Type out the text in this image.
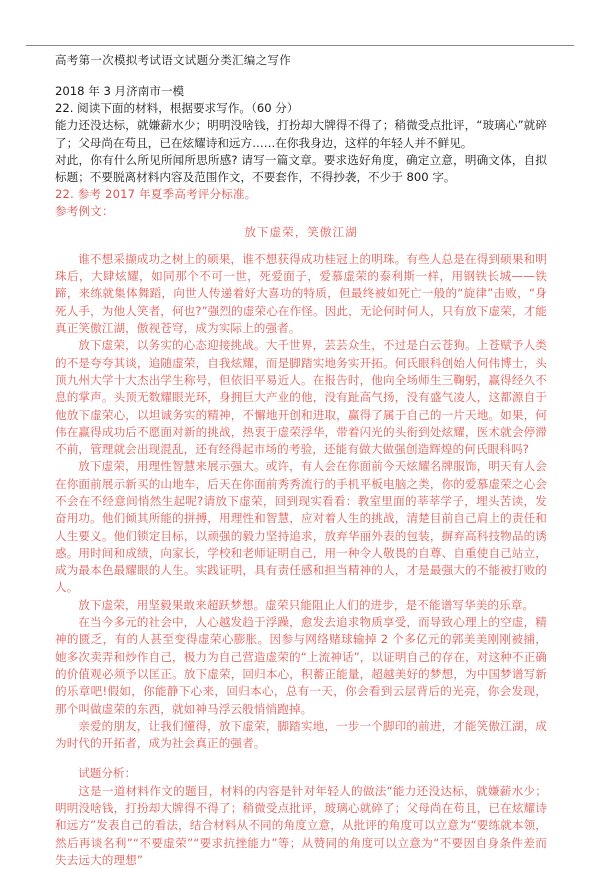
高考第一次模拟考试语文试题分类汇编之写作
2018 年 3 月济南市一模
22. 阅读下面的材料，根据要求写作。（60 分）
能力还没达标，就嫌薪水少；明明没啥钱，打扮却大牌得不得了；稍微受点批评，“玻璃心”就碎了；父母尚在苟且，已在炫耀诗和远方……在你我身边，这样的年轻人并不鲜见。
对此，你有什么所见所闻所思所感? 请写一篇文章。要求选好角度，确定立意，明确文体，自拟标题；不要脱离材料内容及范围作文，不要套作，不得抄袭，不少于 800 字。
22. 参考 2017 年夏季高考评分标准。
参考例文：
放下虚荣，笑傲江湖
谁不想采撷成功之树上的硕果，谁不想获得成功桂冠上的明珠。有些人总是在得到硕果和明珠后，大肆炫耀，如同那个不可一世，死爱面子，爱慕虚荣的泰利斯一样，用钢铁长城——铁蹄，来练就集体舞蹈，向世人传递着好大喜功的特质，但最终被如死亡一般的“旋律”击败，“身死人手，为他人笑者，何也?”强烈的虚荣心在作怪。因此，无论何时何人，只有放下虚荣，才能真正笑傲江湖，傲视苍穹，成为实际上的强者。
放下虚荣，以务实的心态迎接挑战。大千世界，芸芸众生，不过是白云苍狗。上苍赋予人类的不是夸夸其谈，追随虚荣，自我炫耀，而是脚踏实地务实开拓。何氏眼科创始人何伟博士，头顶九州大学十大杰出学生称号，但依旧平易近人。在报告时，他向全场师生三鞠躬，赢得经久不息的掌声。头顶无数耀眼光环，身拥巨大产业的他，没有趾高气扬，没有盛气凌人，这都源自于他放下虚荣心，以坦诚务实的精神，不懈地开创和进取，赢得了属于自己的一片天地。如果，何伟在赢得成功后不愿面对新的挑战，热衷于虚荣浮华，带着闪光的头衔到处炫耀，医术就会停滞不前，管理就会出现混乱，还有经得起市场的考验，还能有做大做强创造辉煌的何氏眼科吗?
放下虚荣，用理性智慧来展示强大。或许，有人会在你面前今天炫耀名牌服饰，明天有人会在你面前展示新买的山地车，后天在你面前秀秀流行的手机平板电脑之类，你的爱慕虚荣之心会不会在不经意间悄然生起呢?请放下虚荣，回到现实看看：教室里面的莘莘学子，埋头苦读，发奋用功。他们倾其所能的拼搏，用理性和智慧，应对着人生的挑战，清楚目前自己肩上的责任和人生要义。他们锁定目标，以顽强的毅力坚持追求，放弃华丽外表的包装，摒弃高科技物品的诱惑。用时间和成绩，向家长，学校和老师证明自己，用一种令人敬畏的自尊、自重使自己站立，成为最本色最耀眼的人生。实践证明，具有责任感和担当精神的人，才是最强大的不能被打败的人。
放下虚荣，用坚毅果敢来超跃梦想。虚荣只能阻止人们的进步，是不能谱写华美的乐章。
在当今多元的社会中，人心越发趋于浮躁，愈发去追求物质享受，而导致心理上的空虚，精神的匮乏，有的人甚至变得虚荣心膨胀。因参与网络赌球输掉 2 个多亿元的郭美美刚刚被捕，她多次卖弄和炒作自己，极力为自己营造虚荣的“上流神话”，以证明自己的存在，对这种不正确的价值观必须予以匡正。放下虚荣，回归本心，积蓄正能量，超越美好的梦想，为中国梦谱写新的乐章吧!假如，你能静下心来，回归本心，总有一天，你会看到云层背后的光亮，你会发现，那个叫做虚荣的东西，就如神马浮云般悄悄跑掉。
亲爱的朋友，让我们懂得，放下虚荣，脚踏实地，一步一个脚印的前进，才能笑傲江湖，成为时代的开拓者，成为社会真正的强者。
试题分析：
这是一道材料作文的题目，材料的内容是针对年轻人的做法“能力还没达标，就嫌薪水少；明明没啥钱，打扮却大牌得不得了；稍微受点批评，玻璃心就碎了；父母尚在苟且，已在炫耀诗和远方”发表自己的看法，结合材料从不同的角度立意，从批评的角度可以立意为“要练就本领，然后再谈名利”“不要虚荣”“要求抗挫能力”等；从赞同的角度可以立意为“不要因自身条件差而失去远大的理想”
